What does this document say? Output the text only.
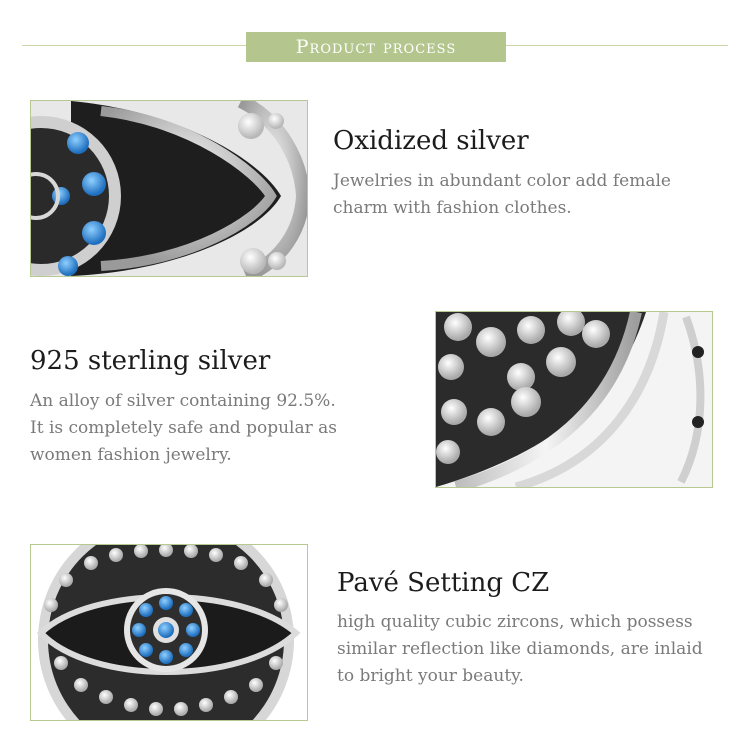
Product process
Oxidized silver
Jewelries in abundant color add female
charm with fashion clothes.
925 sterling silver
An alloy of silver containing 92.5%.
It is completely safe and popular as
women fashion jewelry.
Pavé Setting CZ
high quality cubic zircons, which possess
similar reflection like diamonds, are inlaid
to bright your beauty.
